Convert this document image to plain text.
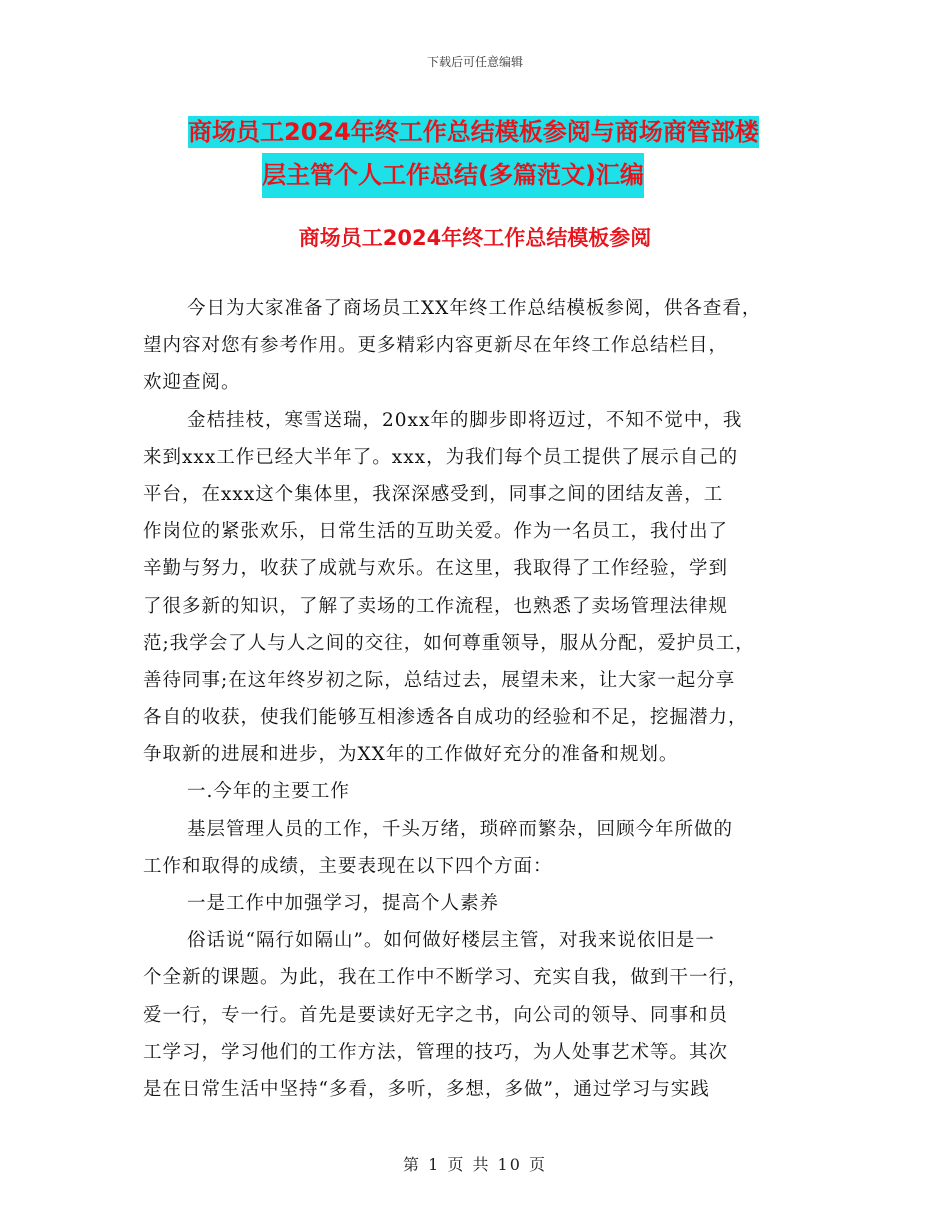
下载后可任意编辑
商场员工2024年终工作总结模板参阅与商场商管部楼
层主管个人工作总结(多篇范文)汇编
商场员工2024年终工作总结模板参阅
今日为大家准备了商场员工XX年终工作总结模板参阅，供各查看，
望内容对您有参考作用。更多精彩内容更新尽在年终工作总结栏目，
欢迎查阅。
金桔挂枝，寒雪送瑞，20xx年的脚步即将迈过，不知不觉中，我
来到xxx工作已经大半年了。xxx，为我们每个员工提供了展示自己的
平台，在xxx这个集体里，我深深感受到，同事之间的团结友善，工
作岗位的紧张欢乐，日常生活的互助关爱。作为一名员工，我付出了
辛勤与努力，收获了成就与欢乐。在这里，我取得了工作经验，学到
了很多新的知识，了解了卖场的工作流程，也熟悉了卖场管理法律规
范;我学会了人与人之间的交往，如何尊重领导，服从分配，爱护员工，
善待同事;在这年终岁初之际，总结过去，展望未来，让大家一起分享
各自的收获，使我们能够互相渗透各自成功的经验和不足，挖掘潜力，
争取新的进展和进步，为XX年的工作做好充分的准备和规划。
一.今年的主要工作
基层管理人员的工作，千头万绪，琐碎而繁杂，回顾今年所做的
工作和取得的成绩，主要表现在以下四个方面：
一是工作中加强学习，提高个人素养
俗话说“隔行如隔山”。如何做好楼层主管，对我来说依旧是一
个全新的课题。为此，我在工作中不断学习、充实自我，做到干一行，
爱一行，专一行。首先是要读好无字之书，向公司的领导、同事和员
工学习，学习他们的工作方法，管理的技巧，为人处事艺术等。其次
是在日常生活中坚持“多看，多听，多想，多做”，通过学习与实践
第 1 页 共 10 页
